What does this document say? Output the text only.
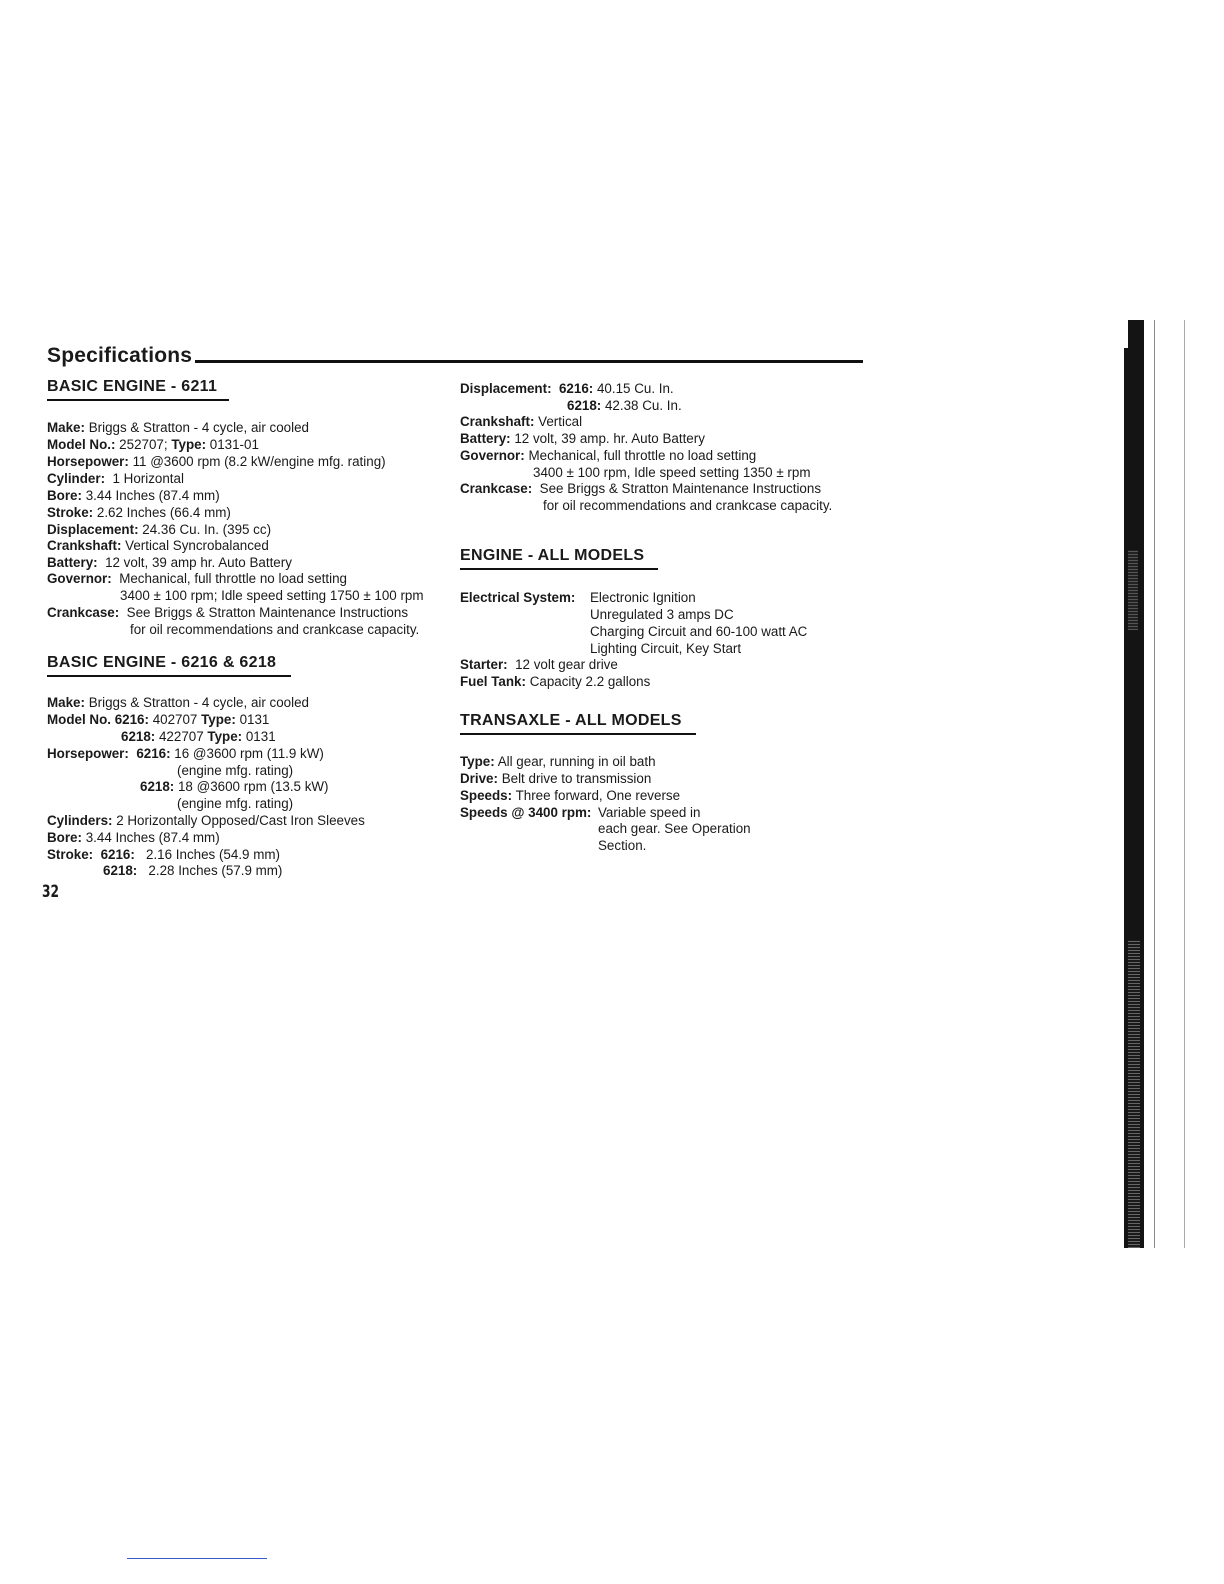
Specifications
BASIC ENGINE - 6211
Make: Briggs & Stratton - 4 cycle, air cooled
Model No.: 252707; Type: 0131-01
Horsepower: 11 @3600 rpm (8.2 kW/engine mfg. rating)
Cylinder: 1 Horizontal
Bore: 3.44 Inches (87.4 mm)
Stroke: 2.62 Inches (66.4 mm)
Displacement: 24.36 Cu. In. (395 cc)
Crankshaft: Vertical Syncrobalanced
Battery: 12 volt, 39 amp hr. Auto Battery
Governor: Mechanical, full throttle no load setting
3400 ± 100 rpm; Idle speed setting 1750 ± 100 rpm
Crankcase: See Briggs & Stratton Maintenance Instructions
for oil recommendations and crankcase capacity.
BASIC ENGINE - 6216 & 6218
Make: Briggs & Stratton - 4 cycle, air cooled
Model No. 6216: 402707 Type: 0131
6218: 422707 Type: 0131
Horsepower: 6216: 16 @3600 rpm (11.9 kW)
(engine mfg. rating)
6218: 18 @3600 rpm (13.5 kW)
(engine mfg. rating)
Cylinders: 2 Horizontally Opposed/Cast Iron Sleeves
Bore: 3.44 Inches (87.4 mm)
Stroke: 6216: 2.16 Inches (54.9 mm)
6218: 2.28 Inches (57.9 mm)
32
Displacement: 6216: 40.15 Cu. In.
6218: 42.38 Cu. In.
Crankshaft: Vertical
Battery: 12 volt, 39 amp. hr. Auto Battery
Governor: Mechanical, full throttle no load setting
3400 ± 100 rpm, Idle speed setting 1350 ± rpm
Crankcase: See Briggs & Stratton Maintenance Instructions
for oil recommendations and crankcase capacity.
ENGINE - ALL MODELS
Electrical System: Electronic Ignition
Unregulated 3 amps DC
Charging Circuit and 60-100 watt AC
Lighting Circuit, Key Start
Starter: 12 volt gear drive
Fuel Tank: Capacity 2.2 gallons
TRANSAXLE - ALL MODELS
Type: All gear, running in oil bath
Drive: Belt drive to transmission
Speeds: Three forward, One reverse
Speeds @ 3400 rpm: Variable speed in
each gear. See Operation
Section.
